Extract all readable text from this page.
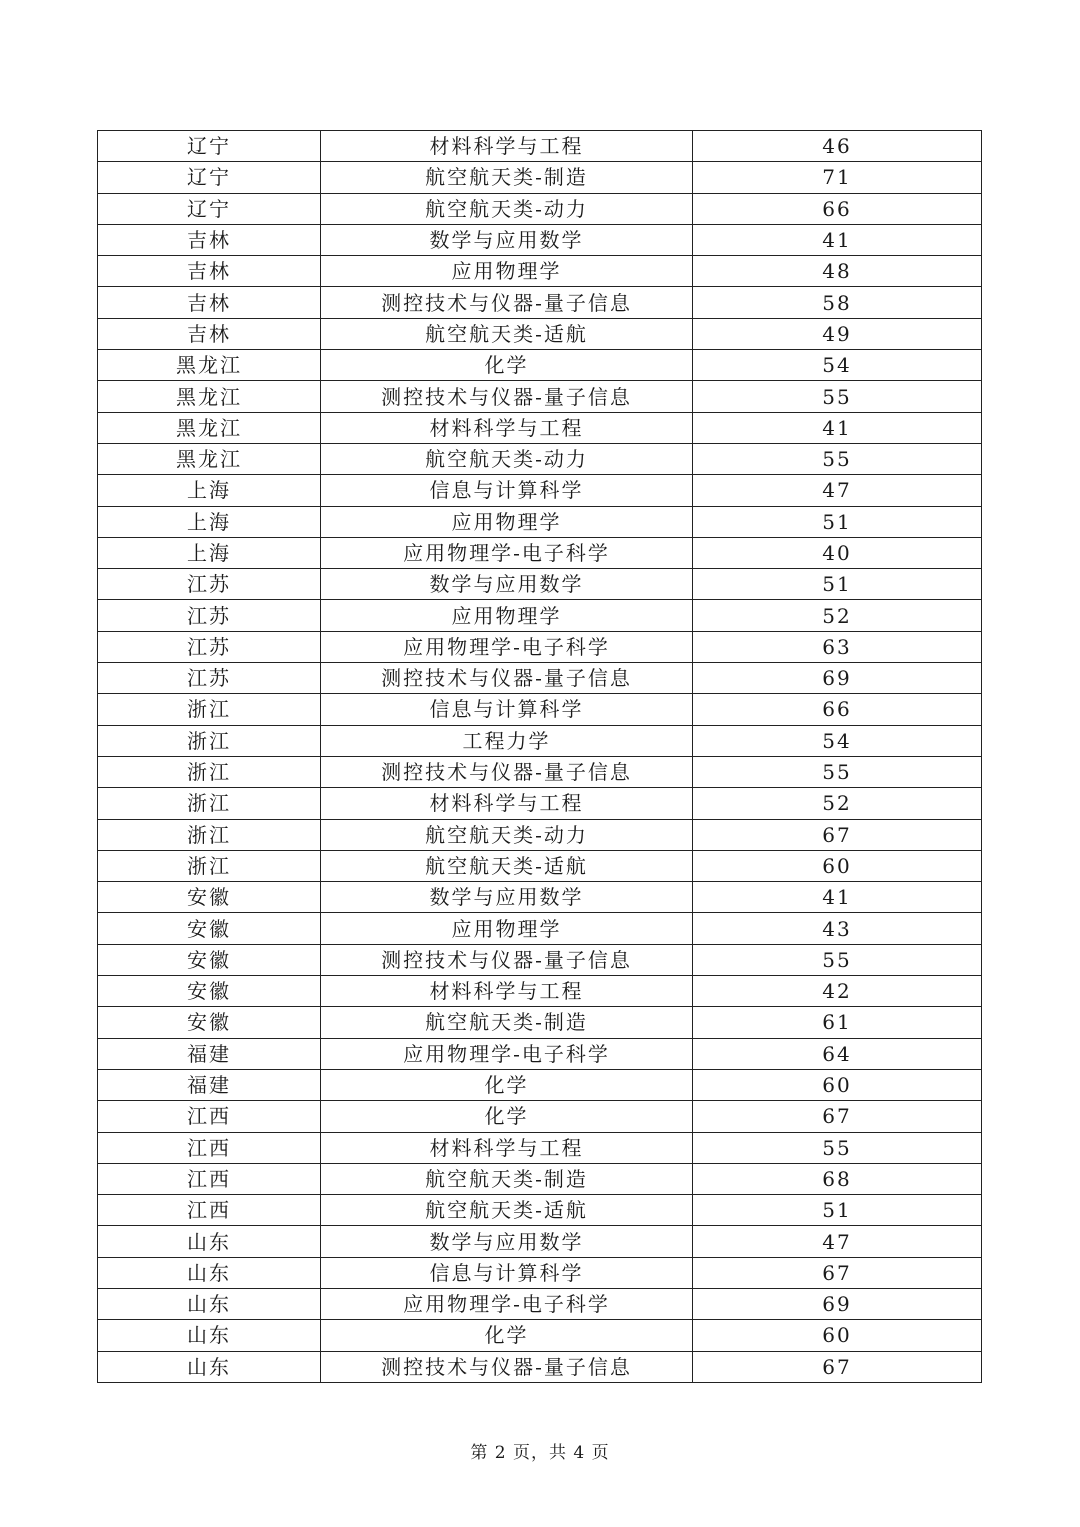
辽宁	材料科学与工程	46
辽宁	航空航天类-制造	71
辽宁	航空航天类-动力	66
吉林	数学与应用数学	41
吉林	应用物理学	48
吉林	测控技术与仪器-量子信息	58
吉林	航空航天类-适航	49
黑龙江	化学	54
黑龙江	测控技术与仪器-量子信息	55
黑龙江	材料科学与工程	41
黑龙江	航空航天类-动力	55
上海	信息与计算科学	47
上海	应用物理学	51
上海	应用物理学-电子科学	40
江苏	数学与应用数学	51
江苏	应用物理学	52
江苏	应用物理学-电子科学	63
江苏	测控技术与仪器-量子信息	69
浙江	信息与计算科学	66
浙江	工程力学	54
浙江	测控技术与仪器-量子信息	55
浙江	材料科学与工程	52
浙江	航空航天类-动力	67
浙江	航空航天类-适航	60
安徽	数学与应用数学	41
安徽	应用物理学	43
安徽	测控技术与仪器-量子信息	55
安徽	材料科学与工程	42
安徽	航空航天类-制造	61
福建	应用物理学-电子科学	64
福建	化学	60
江西	化学	67
江西	材料科学与工程	55
江西	航空航天类-制造	68
江西	航空航天类-适航	51
山东	数学与应用数学	47
山东	信息与计算科学	67
山东	应用物理学-电子科学	69
山东	化学	60
山东	测控技术与仪器-量子信息	67
第 2 页，共 4 页
